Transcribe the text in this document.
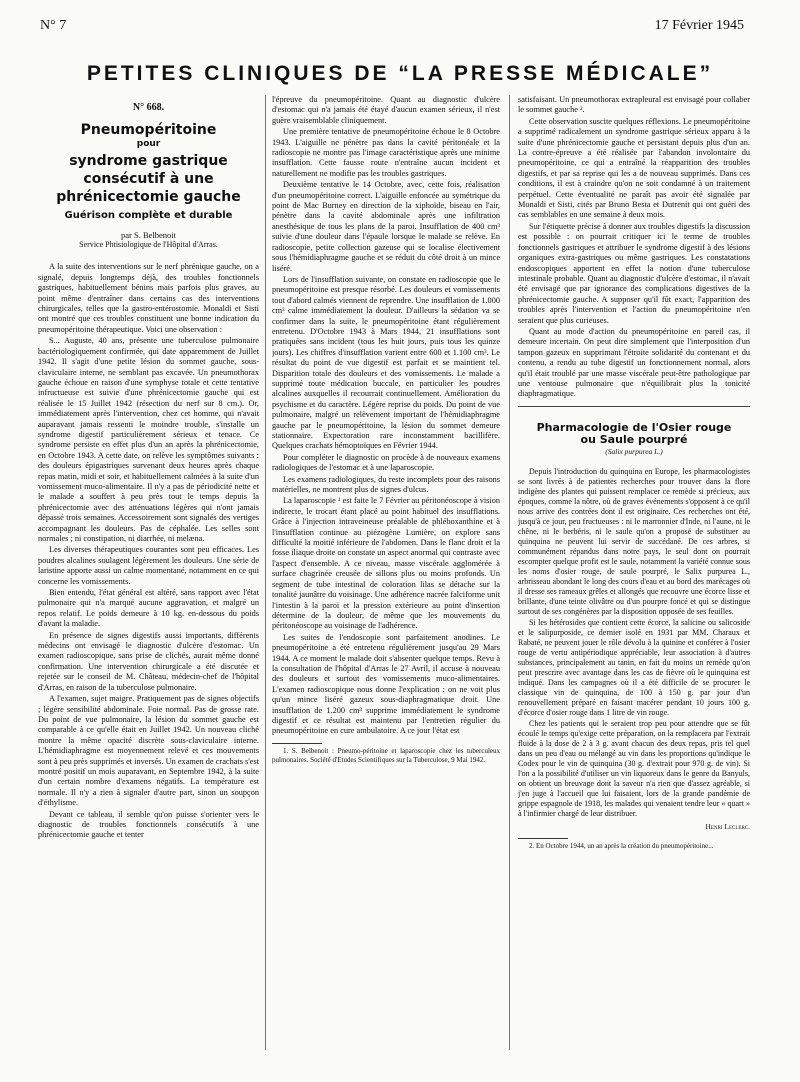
N° 7	17 Février 1945
PETITES CLINIQUES DE “LA PRESSE MÉDICALE”
N° 668.
Pneumopéritoine
pour
syndrome gastrique consécutif à une phrénicectomie gauche
Guérison complète et durable
par S. Belbenoit
Service Phtisiologique de l'Hôpital d'Arras.

A la suite des interventions sur le nerf phrénique gauche, on a signalé, depuis longtemps déjà, des troubles fonctionnels gastriques, habituellement bénins mais parfois plus graves, au point même d'entraîner dans certains cas des interventions chirurgicales, telles que la gastro-entérostomie. Monaldi et Sisti ont montré que ces troubles constituent une bonne indication du pneumopéritoine thérapeutique. Voici une observation :

S... Auguste, 40 ans, présente une tuberculose pulmonaire bactériologiquement confirmée, qui date apparemment de Juillet 1942. Il s'agit d'une petite lésion du sommet gauche, sous-claviculaire interne, ne semblant pas excavée. Un pneumothorax gauche échoue en raison d'une symphyse totale et cette tentative infructueuse est suivie d'une phrénicectomie gauche qui est réalisée le 15 Juillet 1942 (résection du nerf sur 8 cm.). Or, immédiatement après l'intervention, chez cet homme, qui n'avait auparavant jamais ressenti le moindre trouble, s'installe un syndrome digestif particulièrement sérieux et tenace. Ce syndrome persiste en effet plus d'un an après la phrénicectomie, en Octobre 1943. A cette date, on relève les symptômes suivants : des douleurs épigastriques survenant deux heures après chaque repas matin, midi et soir, et habituellement calmées à la suite d'un vomissement muco-alimentaire. Il n'y a pas de périodicité nette et le malade a souffert à peu près tout le temps depuis la phrénicectomie avec des atténuations légères qui n'ont jamais dépassé trois semaines. Accessoirement sont signalés des vertiges accompagnant les douleurs. Pas de céphalée. Les selles sont normales ; ni constipation, ni diarrhée, ni melæna.

Les diverses thérapeutiques courantes sont peu efficaces. Les poudres alcalines soulagent légèrement les douleurs. Une série de laristine apporte aussi un calme momentané, notamment en ce qui concerne les vomissements.

Bien entendu, l'état général est altéré, sans rapport avec l'état pulmonaire qui n'a marqué aucune aggravation, et malgré un repos relatif. Le poids demeure à 10 kg. en-dessous du poids d'avant la maladie.

En présence de signes digestifs aussi importants, différents médecins ont envisagé le diagnostic d'ulcère d'estomac. Un examen radioscopique, sans prise de clichés, aurait même donné confirmation. Une intervention chirurgicale a été discutée et rejetée sur le conseil de M. Château, médecin-chef de l'hôpital d'Arras, en raison de la tuberculose pulmonaire.

A l'examen, sujet maigre. Pratiquement pas de signes objectifs ; légère sensibilité abdominale. Foie normal. Pas de grosse rate. Du point de vue pulmonaire, la lésion du sommet gauche est comparable à ce qu'elle était en Juillet 1942. Un nouveau cliché montre la même opacité discrète sous-claviculaire interne. L'hémidiaphragme est moyennement relevé et ces mouvements sont à peu près supprimés et inversés. Un examen de crachats s'est montré positif un mois auparavant, en Septembre 1942, à la suite d'un certain nombre d'examens négatifs. La température est normale. Il n'y a rien à signaler d'autre part, sinon un soupçon d'éthylisme.

Devant ce tableau, il semble qu'on puisse s'orienter vers le diagnostic de troubles fonctionnels consécutifs à une phrénicectomie gauche et tenter

l'épreuve du pneumopéritoine. Quant au diagnostic d'ulcère d'estomac qui n'a jamais été étayé d'aucun examen sérieux, il n'est guère vraisemblable cliniquement.

Une première tentative de pneumopéritoine échoue le 8 Octobre 1943. L'aiguille ne pénètre pas dans la cavité péritonéale et la radioscopie ne montre pas l'image caractéristique après une minime insufflation. Cette fausse route n'entraîne aucun incident et naturellement ne modifie pas les troubles gastriques.

Deuxième tentative le 14 Octobre, avec, cette fois, réalisation d'un pneumopéritoine correct. L'aiguille enfoncée au symétrique du point de Mac Burney en direction de la xiphoïde, biseau en l'air, pénètre dans la cavité abdominale après une infiltration anesthésique de tous les plans de la paroi. Insufflation de 400 cm³ suivie d'une douleur dans l'épaule lorsque le malade se relève. En radioscopie, petite collection gazeuse qui se localise électivement sous l'hémidiaphragme gauche et se réduit du côté droit à un mince liséré.

Lors de l'insufflation suivante, on constate en radioscopie que le pneumopéritoine est presque résorbé. Les douleurs et vomissements tout d'abord calmés viennent de reprendre. Une insufflation de 1.000 cm³ calme immédiatement la douleur. D'ailleurs la sédation va se confirmer dans la suite, le pneumopéritoine étant régulièrement entretenu. D'Octobre 1943 à Mars 1944, 21 insufflations sont pratiquées sans incident (tous les huit jours, puis tous les quinze jours). Les chiffres d'insufflation varient entre 600 et 1.100 cm³. Le résultat du point de vue digestif est parfait et se maintient tel. Disparition totale des douleurs et des vomissements. Le malade a supprimé toute médication buccale, en particulier les poudres alcalines auxquelles il recourrait continuellement. Amélioration du psychisme et du caractère. Légère reprise du poids. Du point de vue pulmonaire, malgré un relèvement important de l'hémidiaphragme gauche par le pneumopéritoine, la lésion du sommet demeure stationnaire. Expectoration rare inconstamment bacillifère. Quelques crachats hémoptoïques en Février 1944.

Pour compléter le diagnostic on procède à de nouveaux examens radiologiques de l'estomac et à une laparoscopie.

Les examens radiologiques, du reste incomplets pour des raisons matérielles, ne montrent plus de signes d'ulcus.

La laparoscopie ¹ est faite le 7 Février au péritonéoscope à vision indirecte, le trocart étant placé au point habituel des insufflations. Grâce à l'injection intraveineuse préalable de phléboxanthine et à l'insufflation continue au piézogène Lumière, on explore sans difficulté la moitié inférieure de l'abdomen. Dans le flanc droit et la fosse iliaque droite on constate un aspect anormal qui contraste avec l'aspect d'ensemble. A ce niveau, masse viscérale agglomérée à surface chagrinée creusée de sillons plus ou moins profonds. Un segment de tube intestinal de coloration lilas se détache sur la tonalité jaunâtre du voisinage. Une adhérence nacrée falciforme unit l'intestin à la paroi et la pression extérieure au point d'insertion détermine de la douleur, de même que les mouvements du péritonéoscope au voisinage de l'adhérence.

Les suites de l'endoscopie sont parfaitement anodines. Le pneumopéritoine a été entretenu régulièrement jusqu'au 29 Mars 1944. A ce moment le malade doit s'absenter quelque temps. Revu à la consultation de l'hôpital d'Arras le 27 Avril, il accuse à nouveau des douleurs et surtout des vomissements muco-alimentaires. L'examen radioscopique nous donne l'explication : on ne voit plus qu'un mince liséré gazeux sous-diaphragmatique droit. Une insufflation de 1.200 cm³ supprime immédiatement le syndrome digestif et ce résultat est maintenu par l'entretien régulier du pneumopéritoine en cure ambulatoire. A ce jour l'état est

1. S. Belbenoit : Pneumo-péritoine et laparoscopie chez les tuberculeux pulmonaires. Société d'Etudes Scientifiques sur la Tuberculose, 9 Mai 1942.

satisfaisant. Un pneumothorax extrapleural est envisagé pour collaber le sommet gauche ².

Cette observation suscite quelques réflexions. Le pneumopéritoine a supprimé radicalement un syndrome gastrique sérieux apparu à la suite d'une phrénicectomie gauche et persistant depuis plus d'un an. La contre-épreuve a été réalisée par l'abandon involontaire du pneumopéritoine, ce qui a entraîné la réapparition des troubles digestifs, et par sa reprise qui les a de nouveau supprimés. Dans ces conditions, il est à craindre qu'on ne soit condamné à un traitement perpétuel. Cette éventualité ne paraît pas avoir été signalée par Monaldi et Sisti, cités par Bruno Besta et Dutrenit qui ont guéri des cas semblables en une semaine à deux mois.

Sur l'étiquette précise à donner aux troubles digestifs la discussion est possible : on pourrait critiquer ici le terme de troubles fonctionnels gastriques et attribuer le syndrome digestif à des lésions organiques extra-gastriques ou même gastriques. Les constatations endoscopiques apportent en effet la notion d'une tuberculose intestinale probable. Quant au diagnostic d'ulcère d'estomac, il n'avait été envisagé que par ignorance des complications digestives de la phrénicectomie gauche. A supposer qu'il fût exact, l'apparition des troubles après l'intervention et l'action du pneumopéritoine n'en seraient que plus curieuses.

Quant au mode d'action du pneumopéritoine en pareil cas, il demeure incertain. On peut dire simplement que l'interposition d'un tampon gazeux en supprimant l'étroite solidarité du contenant et du contenu, a rendu au tube digestif un fonctionnement normal, alors qu'il était troublé par une masse viscérale peut-être pathologique par une ventouse pulmonaire que n'équilibrait plus la tonicité diaphragmatique.

Pharmacologie de l'Osier rouge
ou Saule pourpré
(Salix purpurea L.)

Depuis l'introduction du quinquina en Europe, les pharmacologistes se sont livrés à de patientes recherches pour trouver dans la flore indigène des plantes qui puissent remplacer ce remède si précieux, aux époques, comme la nôtre, où de graves événements s'opposent à ce qu'il nous arrive des contrées dont il est originaire. Ces recherches ont été, jusqu'à ce jour, peu fructueuses : ni le marronnier d'Inde, ni l'aune, ni le chêne, ni le berbéris, ni le saule qu'on a proposé de substituer au quinquina ne peuvent lui servir de succédané. De ces arbres, si communément répandus dans notre pays, le seul dont on pourrait escompter quelque profit est le saule, notamment la variété connue sous les noms d'osier rouge, de saule pourpré, le Salix purpurea L., arbrisseau abondant le long des cours d'eau et au bord des marécages où il dresse ses rameaux grêles et allongés que recouvre une écorce lisse et brillante, d'une teinte olivâtre ou d'un pourpre foncé et qui se distingue surtout de ses congénères par la disposition opposée de ses feuilles.

Si les hétérosides que contient cette écorce, la salicine ou salicoside et le salipurposide, ce dernier isolé en 1931 par MM. Charaux et Rabaté, ne peuvent jouer le rôle dévolu à la quinine et conférer à l'osier rouge de vertu antipériodique appréciable, leur association à d'autres substances, principalement au tanin, en fait du moins un remède qu'on peut prescrire avec avantage dans les cas de fièvre où le quinquina est indiqué. Dans les campagnes où il a été difficile de se procurer le classique vin de quinquina, de 100 à 150 g. par jour d'un renouvellement préparé en faisant macérer pendant 10 jours 100 g. d'écorce d'osier rouge dans 1 litre de vin rouge.

Chez les patients qui le seraient trop peu pour attendre que se fût écoulé le temps qu'exige cette préparation, on la remplacera par l'extrait fluide à la dose de 2 à 3 g. avant chacun des deux repas, pris tel quel dans un peu d'eau ou mélangé au vin dans les proportions qu'indique le Codex pour le vin de quinquina (30 g. d'extrait pour 970 g. de vin). Si l'on a la possibilité d'utiliser un vin liquoreux dans le genre du Banyuls, on obtient un breuvage dont la saveur n'a rien que d'assez agréable, si j'en juge à l'accueil que lui faisaient, lors de la grande pandémie de grippe espagnole de 1918, les malades qui venaient tendre leur « quart » à l'infirmier chargé de leur distribuer.

Henri Leclerc.

2. En Octobre 1944, un an après la création du pneumopéritoine...
